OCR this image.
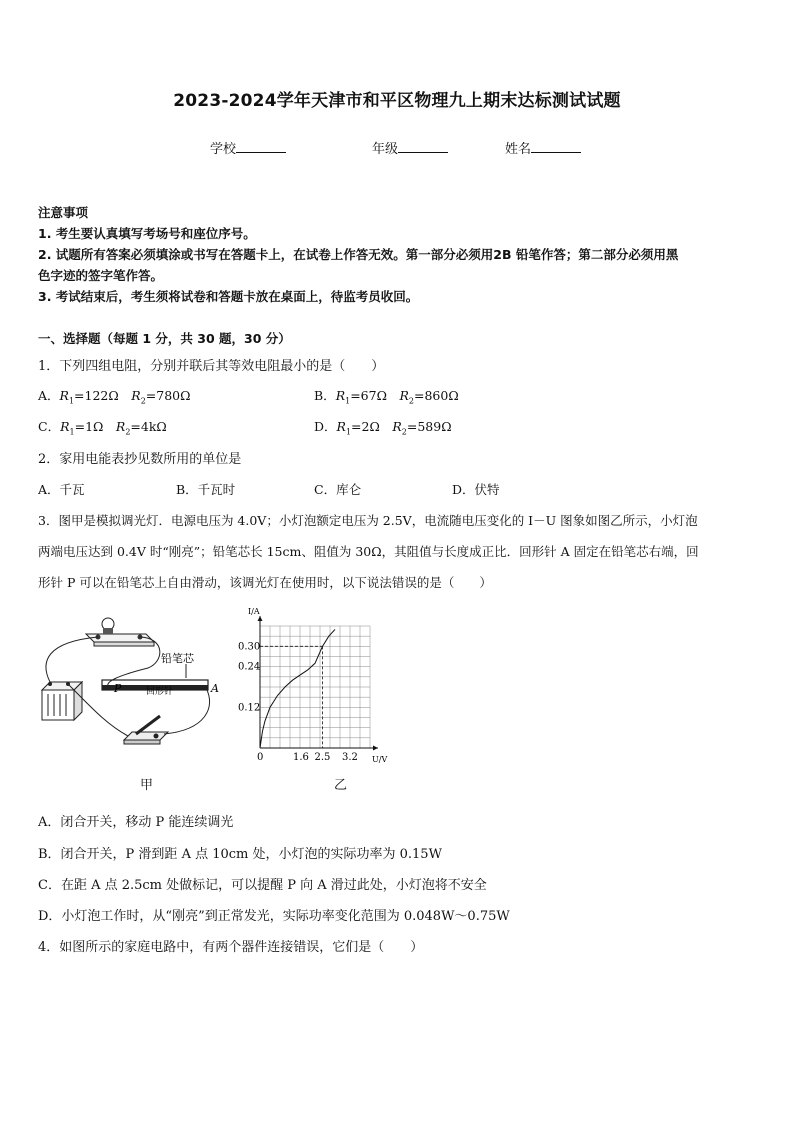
2023-2024学年天津市和平区物理九上期末达标测试试题
学校	年级	姓名
注意事项
1. 考生要认真填写考场号和座位序号。
2. 试题所有答案必须填涂或书写在答题卡上，在试卷上作答无效。第一部分必须用2B 铅笔作答；第二部分必须用黑
色字迹的签字笔作答。
3. 考试结束后，考生须将试卷和答题卡放在桌面上，待监考员收回。
一、选择题（每题 1 分，共 30 题，30 分）
1．下列四组电阻，分别并联后其等效电阻最小的是（　　）
A．$R_1=122\Omega$　 $R_2=780\Omega$	B．$R_1=67\Omega$　 $R_2=860\Omega$
C．$R_1=1\Omega$　 $R_2=4k\Omega$	D．$R_1=2\Omega$　 $R_2=589\Omega$
2．家用电能表抄见数所用的单位是
A．千瓦	B．千瓦时	C．库仑	D．伏特
3．图甲是模拟调光灯．电源电压为 4.0V；小灯泡额定电压为 2.5V，电流随电压变化的 I－U 图象如图乙所示，小灯泡
两端电压达到 0.4V 时“刚亮”；铅笔芯长 15cm、阻值为 30Ω，其阻值与长度成正比．回形针 A 固定在铅笔芯右端，回
形针 P 可以在铅笔芯上自由滑动，该调光灯在使用时，以下说法错误的是（　　）
铅笔芯
P	A
回形针
甲
0.12
0.24
0.30
1.6 2.5 3.2
I/A
U/V
0
乙
A．闭合开关，移动 P 能连续调光
B．闭合开关，P 滑到距 A 点 10cm 处，小灯泡的实际功率为 0.15W
C．在距 A 点 2.5cm 处做标记，可以提醒 P 向 A 滑过此处，小灯泡将不安全
D．小灯泡工作时，从“刚亮”到正常发光，实际功率变化范围为 0.048W～0.75W
4．如图所示的家庭电路中，有两个器件连接错误，它们是（　　）
